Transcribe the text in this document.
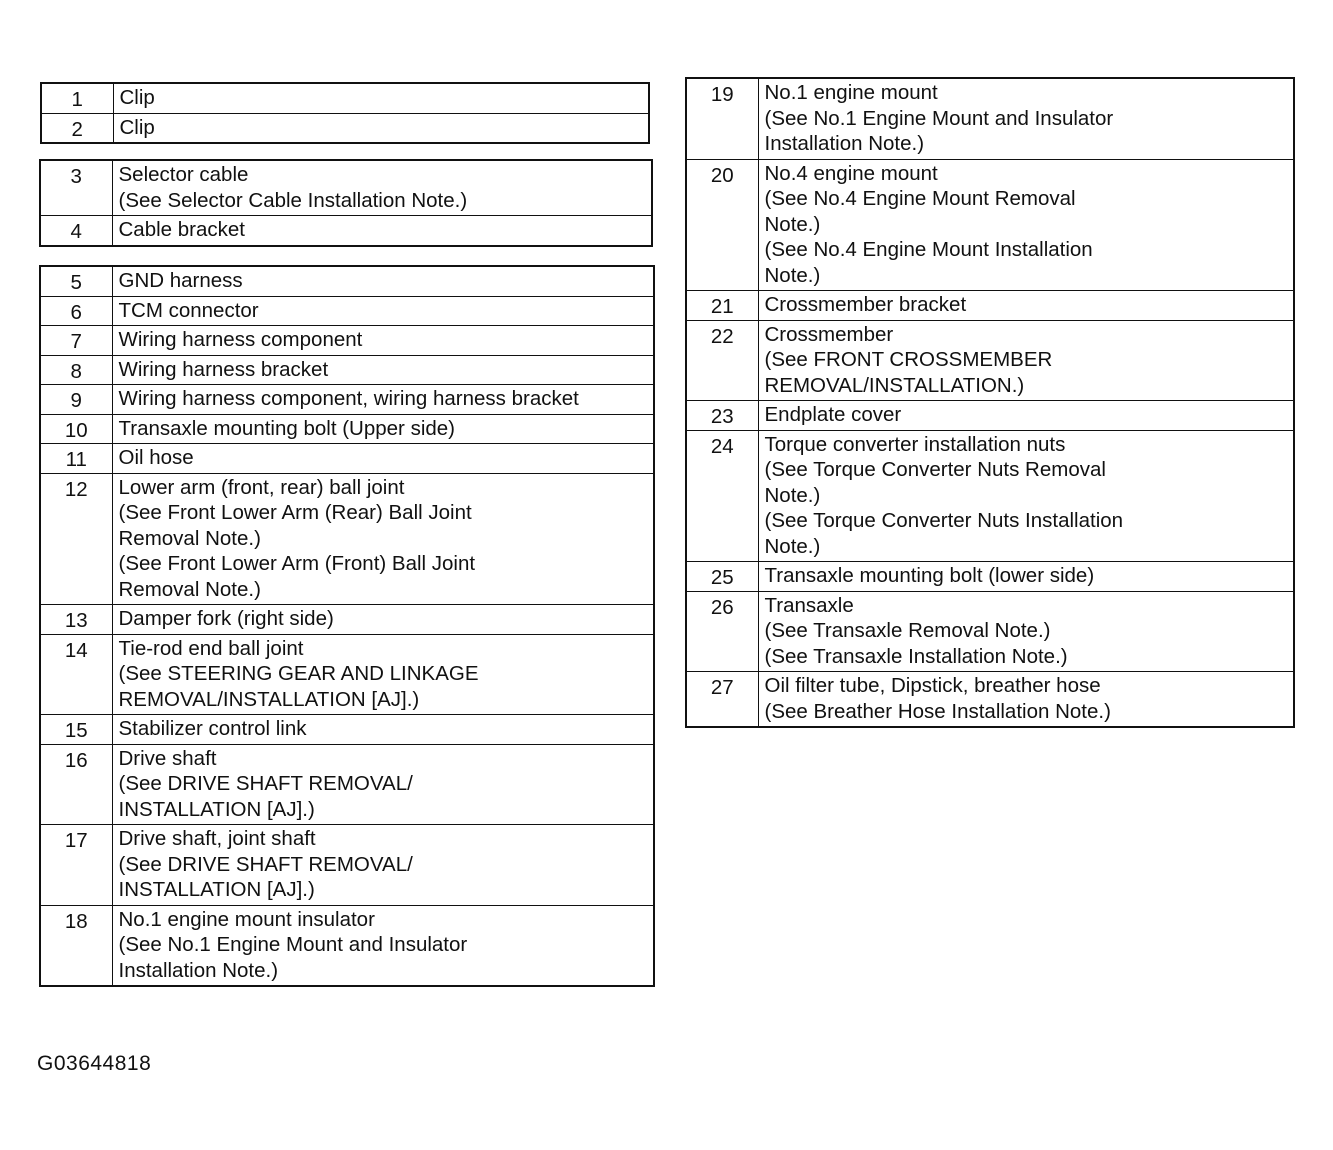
1	Clip

2	Clip
3	Selector cable
(See Selector Cable Installation Note.)

4	Cable bracket
5	GND harness

6	TCM connector

7	Wiring harness component

8	Wiring harness bracket

9	Wiring harness component, wiring harness bracket

10	Transaxle mounting bolt (Upper side)

11	Oil hose

12	Lower arm (front, rear) ball joint
(See Front Lower Arm (Rear) Ball Joint
Removal Note.)
(See Front Lower Arm (Front) Ball Joint
Removal Note.)

13	Damper fork (right side)

14	Tie-rod end ball joint
(See STEERING GEAR AND LINKAGE
REMOVAL/INSTALLATION [AJ].)

15	Stabilizer control link

16	Drive shaft
(See DRIVE SHAFT REMOVAL/
INSTALLATION [AJ].)

17	Drive shaft, joint shaft
(See DRIVE SHAFT REMOVAL/
INSTALLATION [AJ].)

18	No.1 engine mount insulator
(See No.1 Engine Mount and Insulator
Installation Note.)
19	No.1 engine mount
(See No.1 Engine Mount and Insulator
Installation Note.)

20	No.4 engine mount
(See No.4 Engine Mount Removal
Note.)
(See No.4 Engine Mount Installation
Note.)

21	Crossmember bracket

22	Crossmember
(See FRONT CROSSMEMBER
REMOVAL/INSTALLATION.)

23	Endplate cover

24	Torque converter installation nuts
(See Torque Converter Nuts Removal
Note.)
(See Torque Converter Nuts Installation
Note.)

25	Transaxle mounting bolt (lower side)

26	Transaxle
(See Transaxle Removal Note.)
(See Transaxle Installation Note.)

27	Oil filter tube, Dipstick, breather hose
(See Breather Hose Installation Note.)
G03644818
